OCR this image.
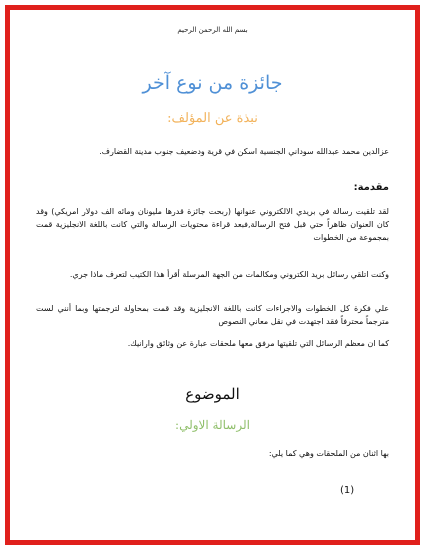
بسم الله الرحمن الرحيم
جائزة من نوع آخر
نبذة عن المؤلف:
عزالدين محمد عبدالله سوداني الجنسية اسكن في قرية ودضعيف جنوب مدينة القضارف.
مقدمة:
لقد تلقيت رسالة في بريدي الالكتروني عنوانها (ربحت جائزة قدرها مليونان ومائه الف دولار امريكي) وقد كان العنوان ظاهراً حتي قبل فتح الرسالة,فبعد قراءة محتويات الرسالة والتي كانت باللغة الانجليزية قمت بمجموعة من الخطوات
وكنت اتلقي رسائل بريد الكتروني ومكالمات من الجهة المرسلة أقرأ هذا الكتيب لتعرف ماذا جري.
علي فكرة كل الخطوات والاجراءات كانت باللغة الانجليزية وقد قمت بمحاولة لترجمتها وبما أنني لست مترجماً محترفاً فقد اجتهدت في نقل معاني النصوص
كما ان معظم الرسائل التي تلقيتها مرفق معها ملحقات عبارة عن وثائق وارانيك.
الموضوع
الرسالة الاولي:
بها اثنان من الملحقات وهي كما يلي:
(1)
